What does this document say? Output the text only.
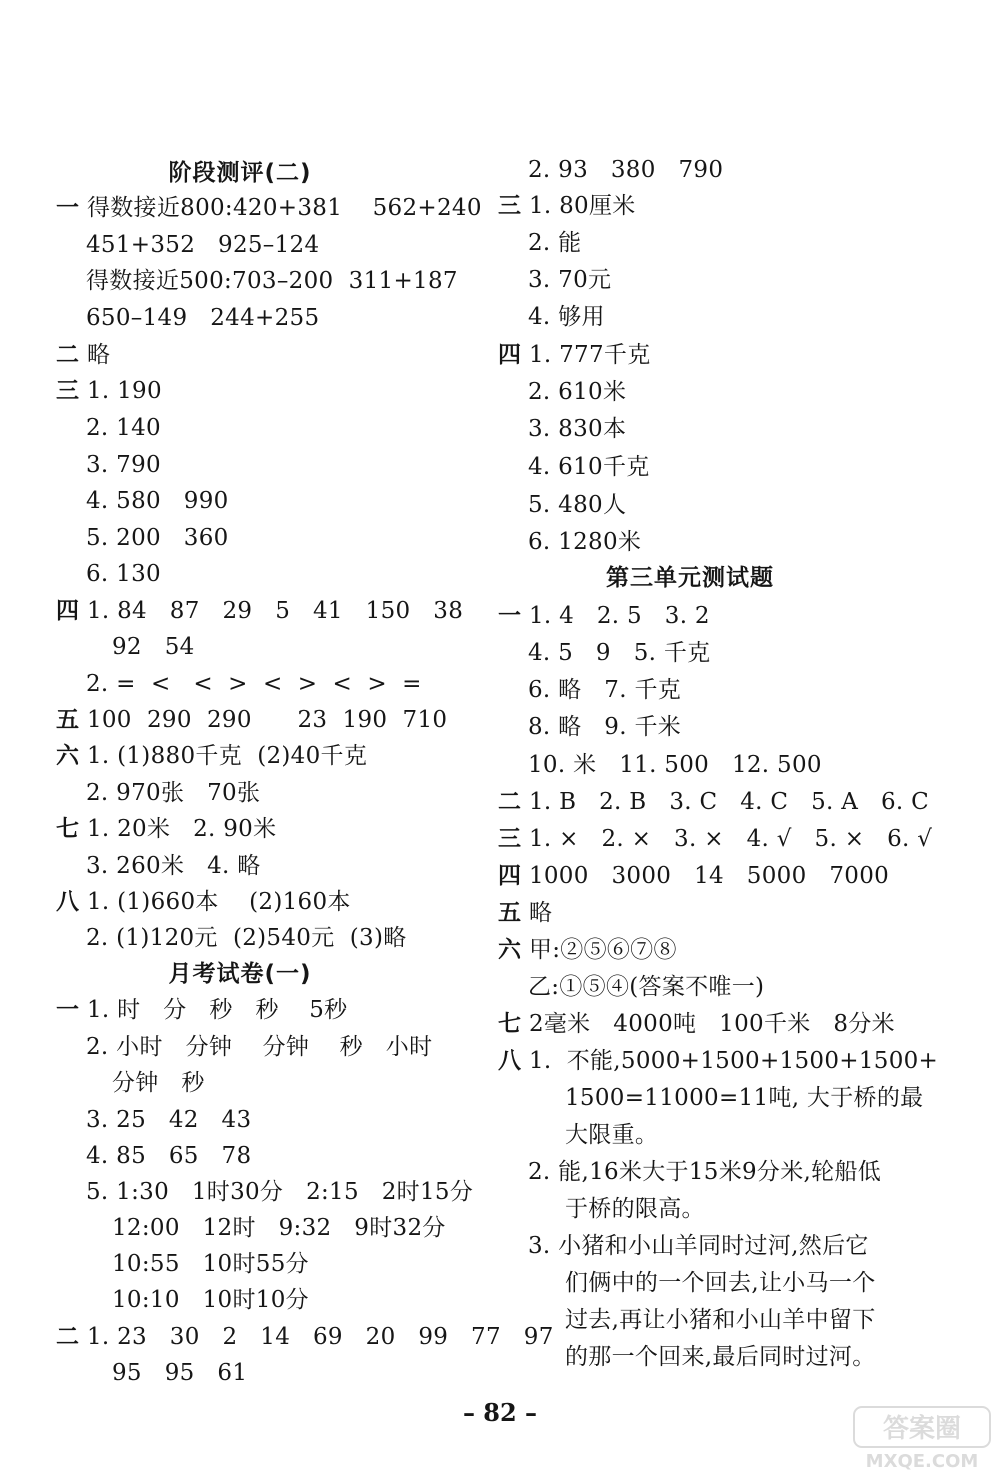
阶段测评(二)
一 得数接近800:420+381    562+240
451+352   925–124
得数接近500:703–200  311+187
650–149   244+255
二 略
三 1. 190
2. 140
3. 790
4. 580   990
5. 200   360
6. 130
四 1. 84   87   29   5   41   150   38
92   54
2. =  <   <  >  <  >  <  >  =
五 100  290  290      23  190  710
六 1. (1)880千克  (2)40千克
2. 970张   70张
七 1. 20米   2. 90米
3. 260米   4. 略
八 1. (1)660本    (2)160本
2. (1)120元  (2)540元  (3)略
月考试卷(一)
一 1. 时   分   秒   秒    5秒
2. 小时   分钟    分钟    秒   小时
分钟   秒
3. 25   42   43
4. 85   65   78
5. 1:30   1时30分   2:15   2时15分
12:00   12时   9:32   9时32分
10:55   10时55分
10:10   10时10分
二 1. 23   30   2   14   69   20   99   77   97
95   95   61
2. 93   380   790
三 1. 80厘米
2. 能
3. 70元
4. 够用
四 1. 777千克
2. 610米
3. 830本
4. 610千克
5. 480人
6. 1280米
第三单元测试题
一 1. 4   2. 5   3. 2
4. 5   9   5. 千克
6. 略   7. 千克
8. 略   9. 千米
10. 米   11. 500   12. 500
二 1. B   2. B   3. C   4. C   5. A   6. C
三 1. ×   2. ×   3. ×   4. √   5. ×   6. √
四 1000   3000   14   5000   7000
五 略
六 甲:②⑤⑥⑦⑧
乙:①⑤④(答案不唯一)
七 2毫米   4000吨   100千米   8分米
八 1.  不能,5000+1500+1500+1500+
1500=11000=11吨, 大于桥的最
大限重。
2. 能,16米大于15米9分米,轮船低
于桥的限高。
3. 小猪和小山羊同时过河,然后它
们俩中的一个回去,让小马一个
过去,再让小猪和小山羊中留下
的那一个回来,最后同时过河。
– 82 –
答案圈
MXQE.COM
